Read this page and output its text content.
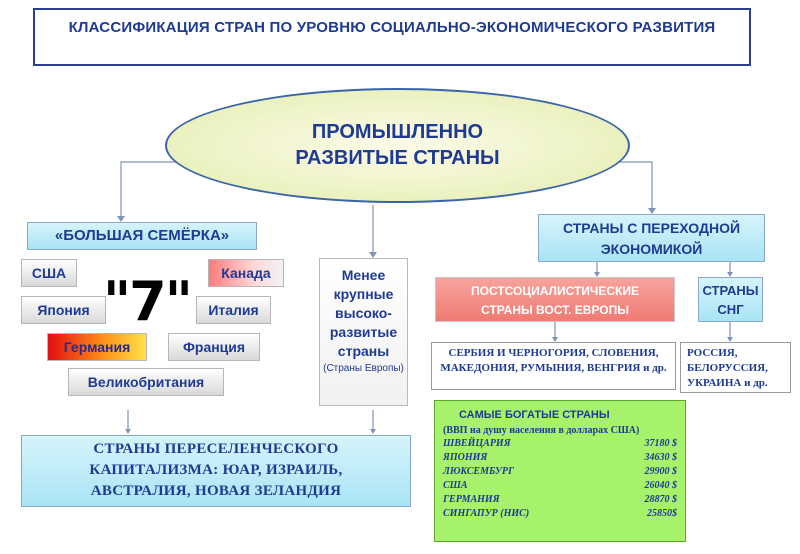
КЛАССИФИКАЦИЯ СТРАН ПО УРОВНЮ СОЦИАЛЬНО-ЭКОНОМИЧЕСКОГО РАЗВИТИЯ
ПРОМЫШЛЕННО
РАЗВИТЫЕ СТРАНЫ
«БОЛЬШАЯ СЕМЁРКА»
США	Канада
Япония	Италия
Германия	Франция
Великобритания
"7"	Менее
крупные
высоко-
развитые
страны
(Страны Европы)
СТРАНЫ С ПЕРЕХОДНОЙ
ЭКОНОМИКОЙ
ПОСТСОЦИАЛИСТИЧЕСКИЕ
СТРАНЫ ВОСТ. ЕВРОПЫ
СТРАНЫ
СНГ
СЕРБИЯ И ЧЕРНОГОРИЯ, СЛОВЕНИЯ,
МАКЕДОНИЯ, РУМЫНИЯ, ВЕНГРИЯ и др.
РОССИЯ,
БЕЛОРУССИЯ,
УКРАИНА и др.
САМЫЕ БОГАТЫЕ СТРАНЫ
(ВВП на душу населения в долларах США)
ШВЕЙЦАРИЯ	37180 $
ЯПОНИЯ	34630 $
ЛЮКСЕМБУРГ	29900 $
США	26040 $
ГЕРМАНИЯ	28870 $
СИНГАПУР (НИС)	25850$
СТРАНЫ ПЕРЕСЕЛЕНЧЕСКОГО
КАПИТАЛИЗМА: ЮАР, ИЗРАИЛЬ,
АВСТРАЛИЯ, НОВАЯ ЗЕЛАНДИЯ
